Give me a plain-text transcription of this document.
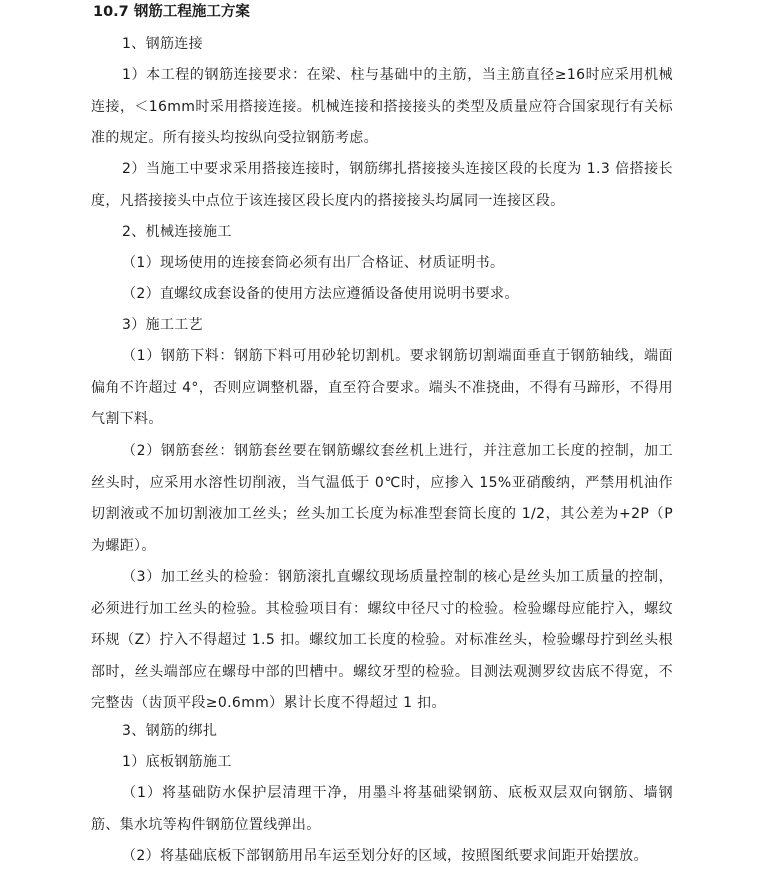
10.7 钢筋工程施工方案
1、钢筋连接

1）本工程的钢筋连接要求：在梁、柱与基础中的主筋，当主筋直径≥16时应采用机械连接，＜16mm时采用搭接连接。机械连接和搭接接头的类型及质量应符合国家现行有关标准的规定。所有接头均按纵向受拉钢筋考虑。

2）当施工中要求采用搭接连接时，钢筋绑扎搭接接头连接区段的长度为 1.3 倍搭接长度，凡搭接接头中点位于该连接区段长度内的搭接接头均属同一连接区段。

2、机械连接施工
（1）现场使用的连接套筒必须有出厂合格证、材质证明书。
（2）直螺纹成套设备的使用方法应遵循设备使用说明书要求。
3）施工工艺

（1）钢筋下料：钢筋下料可用砂轮切割机。要求钢筋切割端面垂直于钢筋轴线，端面偏角不许超过 4°，否则应调整机器，直至符合要求。端头不准挠曲，不得有马蹄形，不得用气割下料。

（2）钢筋套丝：钢筋套丝要在钢筋螺纹套丝机上进行，并注意加工长度的控制，加工丝头时，应采用水溶性切削液，当气温低于 0℃时，应掺入 15%亚硝酸纳，严禁用机油作切割液或不加切割液加工丝头；丝头加工长度为标准型套筒长度的 1/2，其公差为+2P（P 为螺距）。

（3）加工丝头的检验：钢筋滚扎直螺纹现场质量控制的核心是丝头加工质量的控制，必须进行加工丝头的检验。其检验项目有：螺纹中径尺寸的检验。检验螺母应能拧入，螺纹环规（Z）拧入不得超过 1.5 扣。螺纹加工长度的检验。对标准丝头，检验螺母拧到丝头根部时，丝头端部应在螺母中部的凹槽中。螺纹牙型的检验。目测法观测罗纹齿底不得宽，不完整齿（齿顶平段≥0.6mm）累计长度不得超过 1 扣。

3、钢筋的绑扎
1）底板钢筋施工

（1）将基础防水保护层清理干净，用墨斗将基础梁钢筋、底板双层双向钢筋、墙钢筋、集水坑等构件钢筋位置线弹出。

（2）将基础底板下部钢筋用吊车运至划分好的区域，按照图纸要求间距开始摆放。
